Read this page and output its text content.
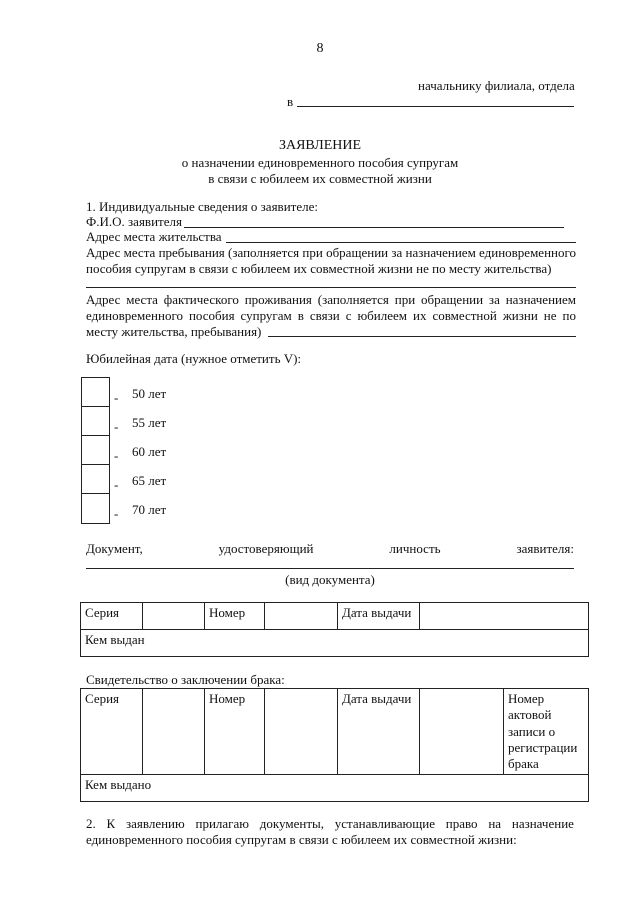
8
начальнику филиала, отдела
в
ЗАЯВЛЕНИЕ
о назначении единовременного пособия супругам
в связи с юбилеем их совместной жизни
1. Индивидуальные сведения о заявителе:
Ф.И.О. заявителя
Адрес места жительства
Адрес места пребывания (заполняется при обращении за назначением единовременного
пособия супругам в связи с юбилеем их совместной жизни не по месту жительства)
Адрес места фактического проживания (заполняется при обращении за назначением
единовременного пособия супругам в связи с юбилеем их совместной жизни не по
месту жительства, пребывания)
Юбилейная дата (нужное отметить V):
- 50 лет
- 55 лет
- 60 лет
- 65 лет
- 70 лет
Документ,	удостоверяющий	личность	заявителя:
(вид документа)
Серия		Номер		Дата выдачи	
Кем выдан
Свидетельство о заключении брака:
Серия		Номер		Дата выдачи		Номер
актовой
записи о
регистрации
брака

Кем выдано
2. К заявлению прилагаю документы, устанавливающие право на назначение
единовременного пособия супругам в связи с юбилеем их совместной жизни:
